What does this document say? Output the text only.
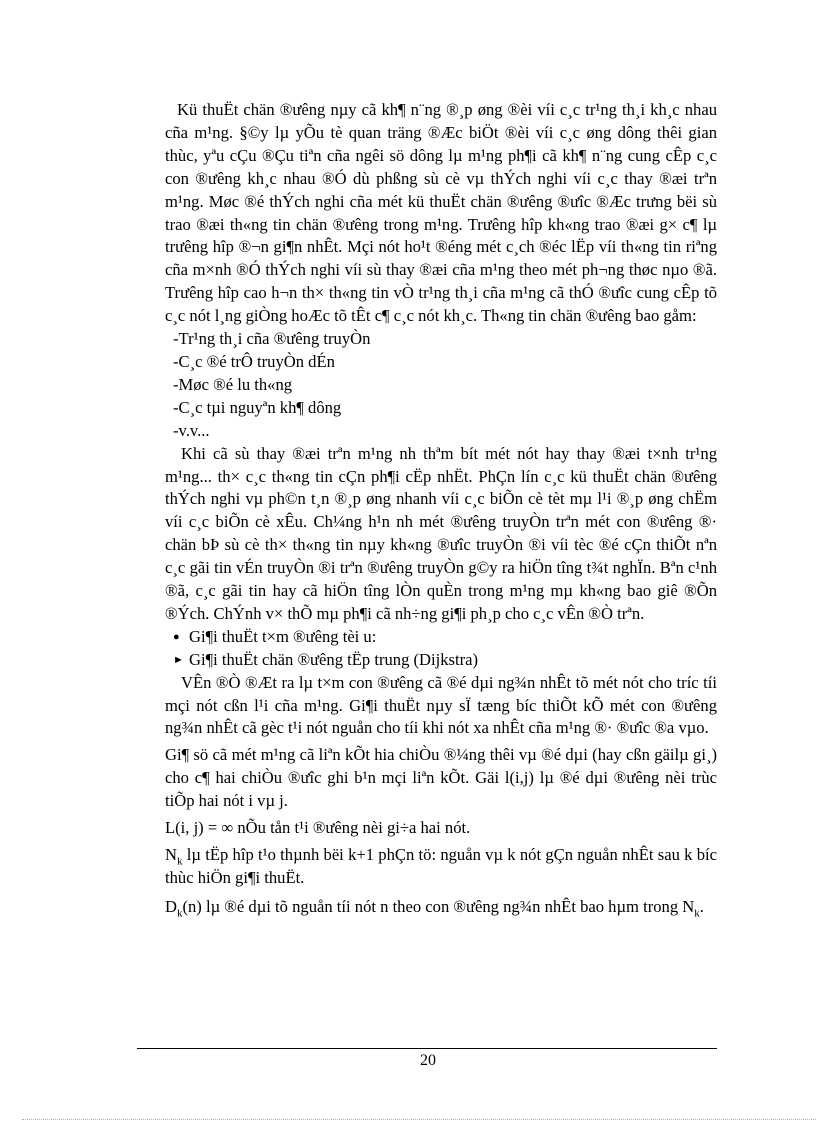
Kü thuËt chän ®ưêng nµy cã kh¶ n¨ng ®¸p øng ®èi víi c¸c tr¹ng th¸i kh¸c nhau cña m¹ng. §©y lµ yÕu tè quan träng ®Æc biÖt ®èi víi c¸c øng dông thêi gian thùc, yªu cÇu ®Çu tiªn cña ngêi sö dông lµ m¹ng ph¶i cã kh¶ n¨ng cung cÊp c¸c con ®ưêng kh¸c nhau ®Ó dù phßng sù cè vµ thÝch nghi víi c¸c thay ®æi trªn m¹ng. Møc ®é thÝch nghi cña mét kü thuËt chän ®ưêng ®ưîc ®Æc trưng bëi sù trao ®æi th«ng tin chän ®ưêng trong m¹ng. Trưêng hîp kh«ng trao ®æi g× c¶ lµ trưêng hîp ®¬n gi¶n nhÊt. Mçi nót ho¹t ®éng mét c¸ch ®éc lËp víi th«ng tin riªng cña m×nh ®Ó thÝch nghi víi sù thay ®æi cña m¹ng theo mét ph¬ng thøc nµo ®ã. Trưêng hîp cao h¬n th× th«ng tin vÒ tr¹ng th¸i cña m¹ng cã thÓ ®ưîc cung cÊp tõ c¸c nót l¸ng giÒng hoÆc tõ tÊt c¶ c¸c nót kh¸c. Th«ng tin chän ®ưêng bao gåm:

-Tr¹ng th¸i cña ®ưêng truyÒn
-C¸c ®é trÔ truyÒn dÉn
-Møc ®é lu th«ng
-C¸c tµi nguyªn kh¶ dông
-v.v...

Khi cã sù thay ®æi trªn m¹ng nh thªm bít mét nót hay thay ®æi t×nh tr¹ng m¹ng... th× c¸c th«ng tin cÇn ph¶i cËp nhËt. PhÇn lín c¸c kü thuËt chän ®ưêng thÝch nghi vµ ph©n t¸n ®¸p øng nhanh víi c¸c biÕn cè tèt mµ l¹i ®¸p øng chËm víi c¸c biÕn cè xÊu. Ch¼ng h¹n nh mét ®ưêng truyÒn trªn mét con ®ưêng ®· chän bÞ sù cè th× th«ng tin nµy kh«ng ®ưîc truyÒn ®i víi tèc ®é cÇn thiÕt nªn c¸c gãi tin vÉn truyÒn ®i trªn ®ưêng truyÒn g©y ra hiÖn tîng t¾t nghÏn. Bªn c¹nh ®ã, c¸c gãi tin hay cã hiÖn tîng lÒn quÈn trong m¹ng mµ kh«ng bao giê ®Õn ®Ých. ChÝnh v× thÕ mµ ph¶i cã nh÷ng gi¶i ph¸p cho c¸c vÊn ®Ò trªn.

● Gi¶i thuËt t×m ®ưêng tèi u:
► Gi¶i thuËt chän ®ưêng tËp trung (Dijkstra)

VÊn ®Ò ®Æt ra lµ t×m con ®ưêng cã ®é dµi ng¾n nhÊt tõ mét nót cho tríc tíi mçi nót cßn l¹i cña m¹ng. Gi¶i thuËt nµy sÏ tæng bíc thiÕt kÕ mét con ®ưêng ng¾n nhÊt cã gèc t¹i nót nguån cho tíi khi nót xa nhÊt cña m¹ng ®· ®ưîc ®a vµo.

Gi¶ sö cã mét m¹ng cã liªn kÕt hia chiÒu ®¼ng thêi vµ ®é dµi (hay cßn gäilµ gi¸) cho c¶ hai chiÒu ®ưîc ghi b¹n mçi liªn kÕt. Gäi l(i,j) lµ ®é dµi ®ưêng nèi trùc tiÕp hai nót i vµ j.

L(i, j) = ∞ nÕu tån t¹i ®ưêng nèi gi÷a hai nót.

$N_k$ lµ tËp hîp t¹o thµnh bëi k+1 phÇn tö: nguån vµ k nót gÇn nguån nhÊt sau k bíc thùc hiÖn gi¶i thuËt.

$D_k(n)$ lµ ®é dµi tõ nguån tíi nót n theo con ®ưêng ng¾n nhÊt bao hµm trong $N_k$.

20
